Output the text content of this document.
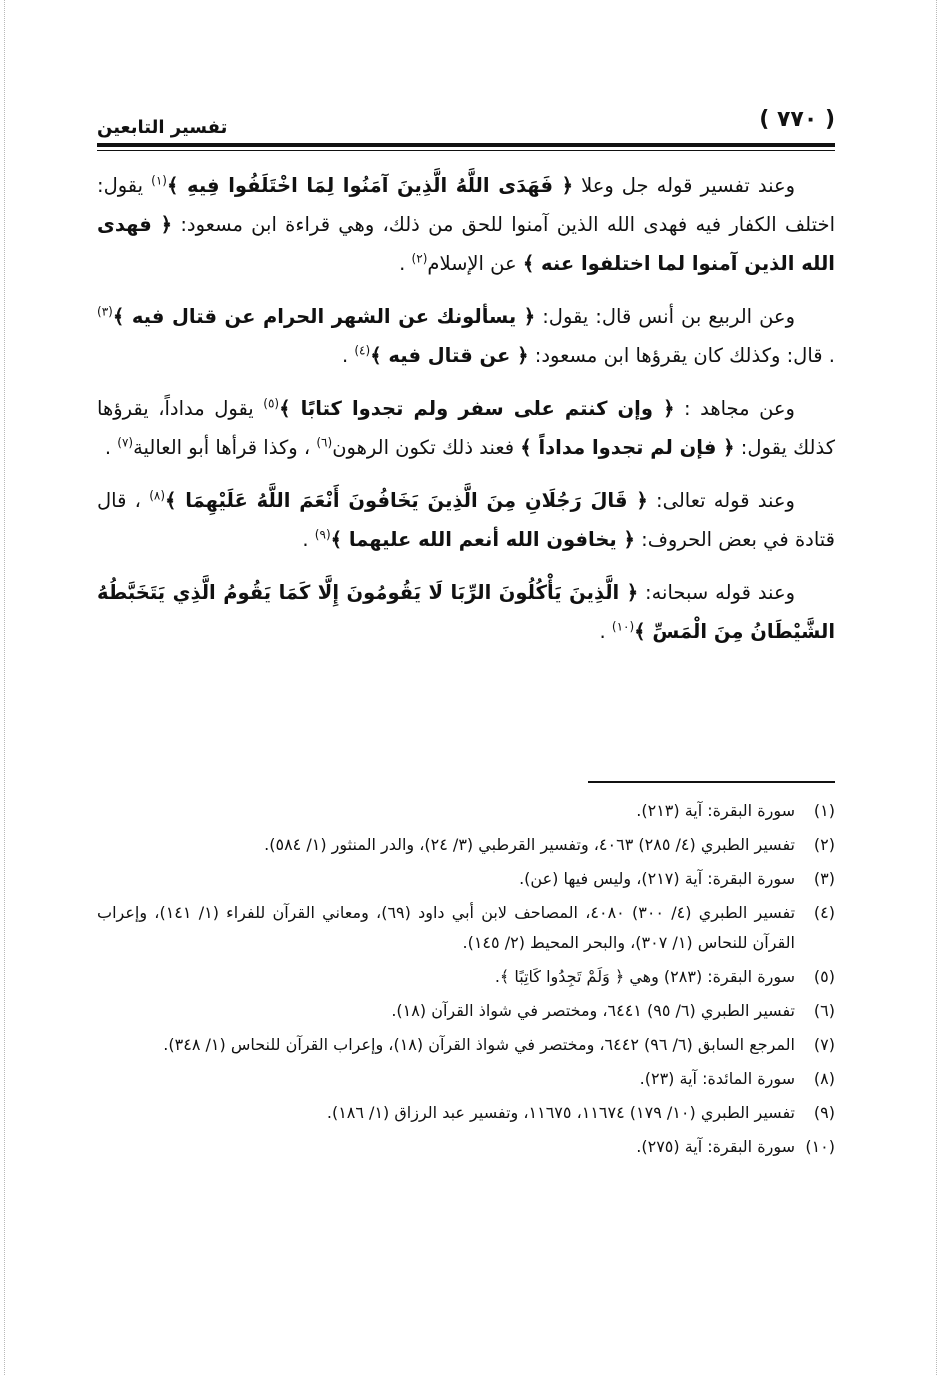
( ٧٧٠ )
تفسير التابعين

وعند تفسير قوله جل وعلا ﴿ فَهَدَى اللَّهُ الَّذِينَ آمَنُوا لِمَا اخْتَلَفُوا فِيهِ ﴾$^{(١)}$ يقول: اختلف الكفار فيه فهدى الله الذين آمنوا للحق من ذلك، وهي قراءة ابن مسعود: ﴿ فهدى الله الذين آمنوا لما اختلفوا عنه ﴾ عن الإسلام$^{(٢)}$ .

وعن الربيع بن أنس قال: يقول: ﴿ يسألونك عن الشهر الحرام عن قتال فيه ﴾$^{(٣)}$ . قال: وكذلك كان يقرؤها ابن مسعود: ﴿ عن قتال فيه ﴾$^{(٤)}$ .

وعن مجاهد : ﴿ وإن كنتم على سفر ولم تجدوا كتابًا ﴾$^{(٥)}$ يقول مداداً، يقرؤها كذلك يقول: ﴿ فإن لم تجدوا مداداً ﴾ فعند ذلك تكون الرهون$^{(٦)}$ ، وكذا قرأها أبو العالية$^{(٧)}$ .

وعند قوله تعالى: ﴿ قَالَ رَجُلَانِ مِنَ الَّذِينَ يَخَافُونَ أَنْعَمَ اللَّهُ عَلَيْهِمَا ﴾$^{(٨)}$ ، قال قتادة في بعض الحروف: ﴿ يخافون الله أنعم الله عليهما ﴾$^{(٩)}$ .

وعند قوله سبحانه: ﴿ الَّذِينَ يَأْكُلُونَ الرِّبَا لَا يَقُومُونَ إِلَّا كَمَا يَقُومُ الَّذِي يَتَخَبَّطُهُ الشَّيْطَانُ مِنَ الْمَسِّ ﴾$^{(١٠)}$ .

(١)
سورة البقرة: آية (٢١٣).
(٢)
تفسير الطبري (٤/ ٢٨٥) ٤٠٦٣، وتفسير القرطبي (٣/ ٢٤)، والدر المنثور (١/ ٥٨٤).
(٣)
سورة البقرة: آية (٢١٧)، وليس فيها (عن).
(٤)
تفسير الطبري (٤/ ٣٠٠) ٤٠٨٠، المصاحف لابن أبي داود (٦٩)، ومعاني القرآن للفراء (١/ ١٤١)، وإعراب القرآن للنحاس (١/ ٣٠٧)، والبحر المحيط (٢/ ١٤٥).
(٥)
سورة البقرة: (٢٨٣) وهي ﴿ وَلَمْ تَجِدُوا كَاتِبًا ﴾.
(٦)
تفسير الطبري (٦/ ٩٥) ٦٤٤١، ومختصر في شواذ القرآن (١٨).
(٧)
المرجع السابق (٦/ ٩٦) ٦٤٤٢، ومختصر في شواذ القرآن (١٨)، وإعراب القرآن للنحاس (١/ ٣٤٨).
(٨)
سورة المائدة: آية (٢٣).
(٩)
تفسير الطبري (١٠/ ١٧٩) ١١٦٧٤، ١١٦٧٥، وتفسير عبد الرزاق (١/ ١٨٦).
(١٠)
سورة البقرة: آية (٢٧٥).
